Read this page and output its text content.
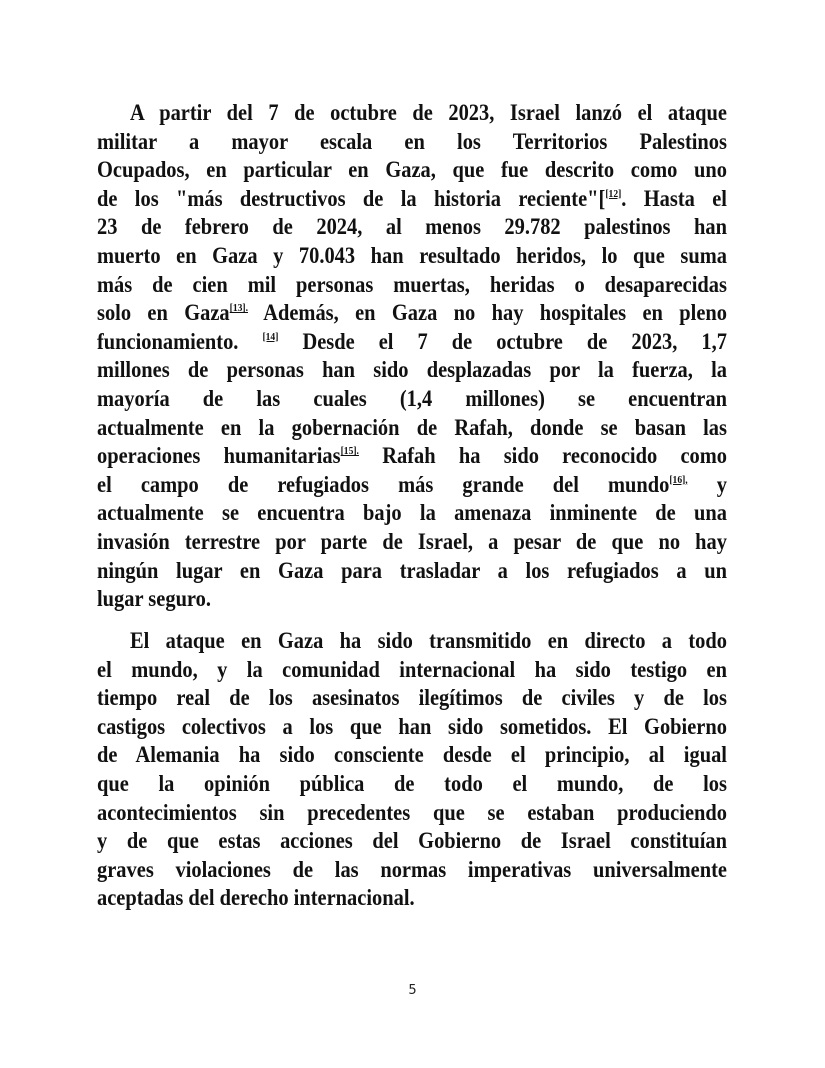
A partir del 7 de octubre de 2023, Israel lanzó el ataque
militar a mayor escala en los Territorios Palestinos
Ocupados, en particular en Gaza, que fue descrito como uno
de los "más destructivos de la historia reciente"[[12]. Hasta el
23 de febrero de 2024, al menos 29.782 palestinos han
muerto en Gaza y 70.043 han resultado heridos, lo que suma
más de cien mil personas muertas, heridas o desaparecidas
solo en Gaza$^{[13].}$ Además, en Gaza no hay hospitales en pleno
funcionamiento. [14] Desde el 7 de octubre de 2023, 1,7
millones de personas han sido desplazadas por la fuerza, la
mayoría de las cuales (1,4 millones) se encuentran
actualmente en la gobernación de Rafah, donde se basan las
operaciones humanitarias$^{[15].}$ Rafah ha sido reconocido como
el campo de refugiados más grande del mundo$^{[16],}$ y
actualmente se encuentra bajo la amenaza inminente de una
invasión terrestre por parte de Israel, a pesar de que no hay
ningún lugar en Gaza para trasladar a los refugiados a un
lugar seguro.
El ataque en Gaza ha sido transmitido en directo a todo
el mundo, y la comunidad internacional ha sido testigo en
tiempo real de los asesinatos ilegítimos de civiles y de los
castigos colectivos a los que han sido sometidos. El Gobierno
de Alemania ha sido consciente desde el principio, al igual
que la opinión pública de todo el mundo, de los
acontecimientos sin precedentes que se estaban produciendo
y de que estas acciones del Gobierno de Israel constituían
graves violaciones de las normas imperativas universalmente
aceptadas del derecho internacional.
5
